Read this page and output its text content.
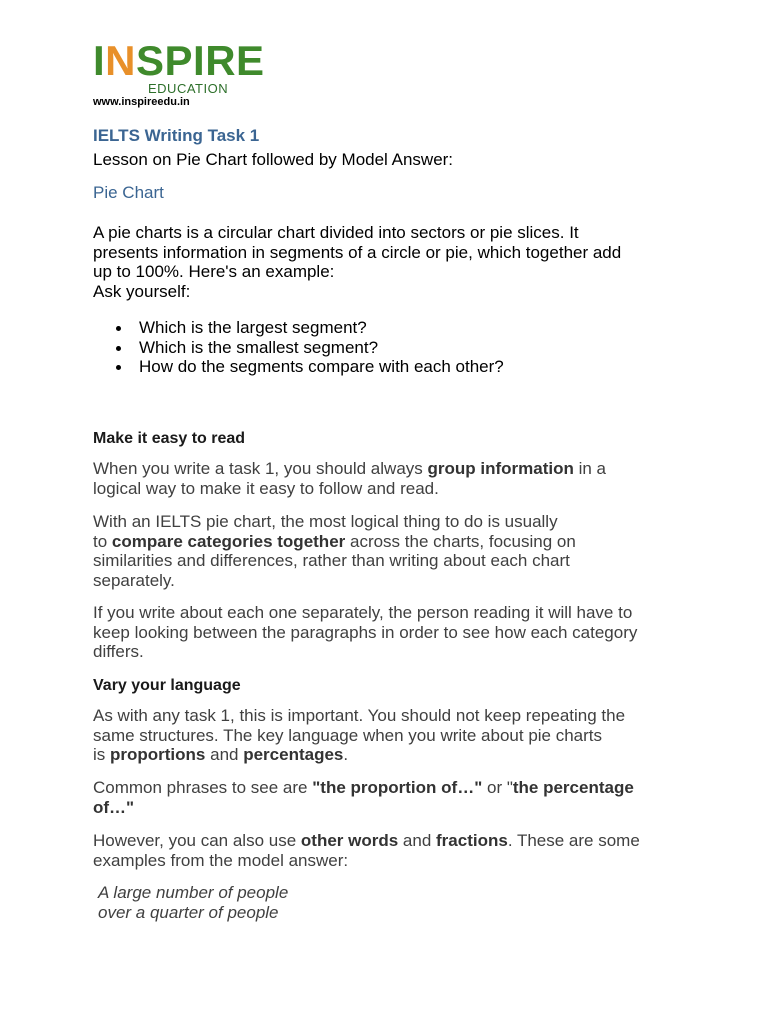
INSPIRE
EDUCATION
www.inspireedu.in
IELTS Writing Task 1
Lesson on Pie Chart followed by Model Answer:
Pie Chart
A pie charts is a circular chart divided into sectors or pie slices. It
presents information in segments of a circle or pie, which together add
up to 100%. Here's an example:
Ask yourself:
Which is the largest segment?
Which is the smallest segment?
How do the segments compare with each other?
Make it easy to read
When you write a task 1, you should always group information in a
logical way to make it easy to follow and read.
With an IELTS pie chart, the most logical thing to do is usually
to compare categories together across the charts, focusing on
similarities and differences, rather than writing about each chart
separately.
If you write about each one separately, the person reading it will have to
keep looking between the paragraphs in order to see how each category
differs.
Vary your language
As with any task 1, this is important. You should not keep repeating the
same structures. The key language when you write about pie charts
is proportions and percentages.
Common phrases to see are "the proportion of…" or "the percentage
of…"
However, you can also use other words and fractions. These are some
examples from the model answer:
A large number of people
over a quarter of people
